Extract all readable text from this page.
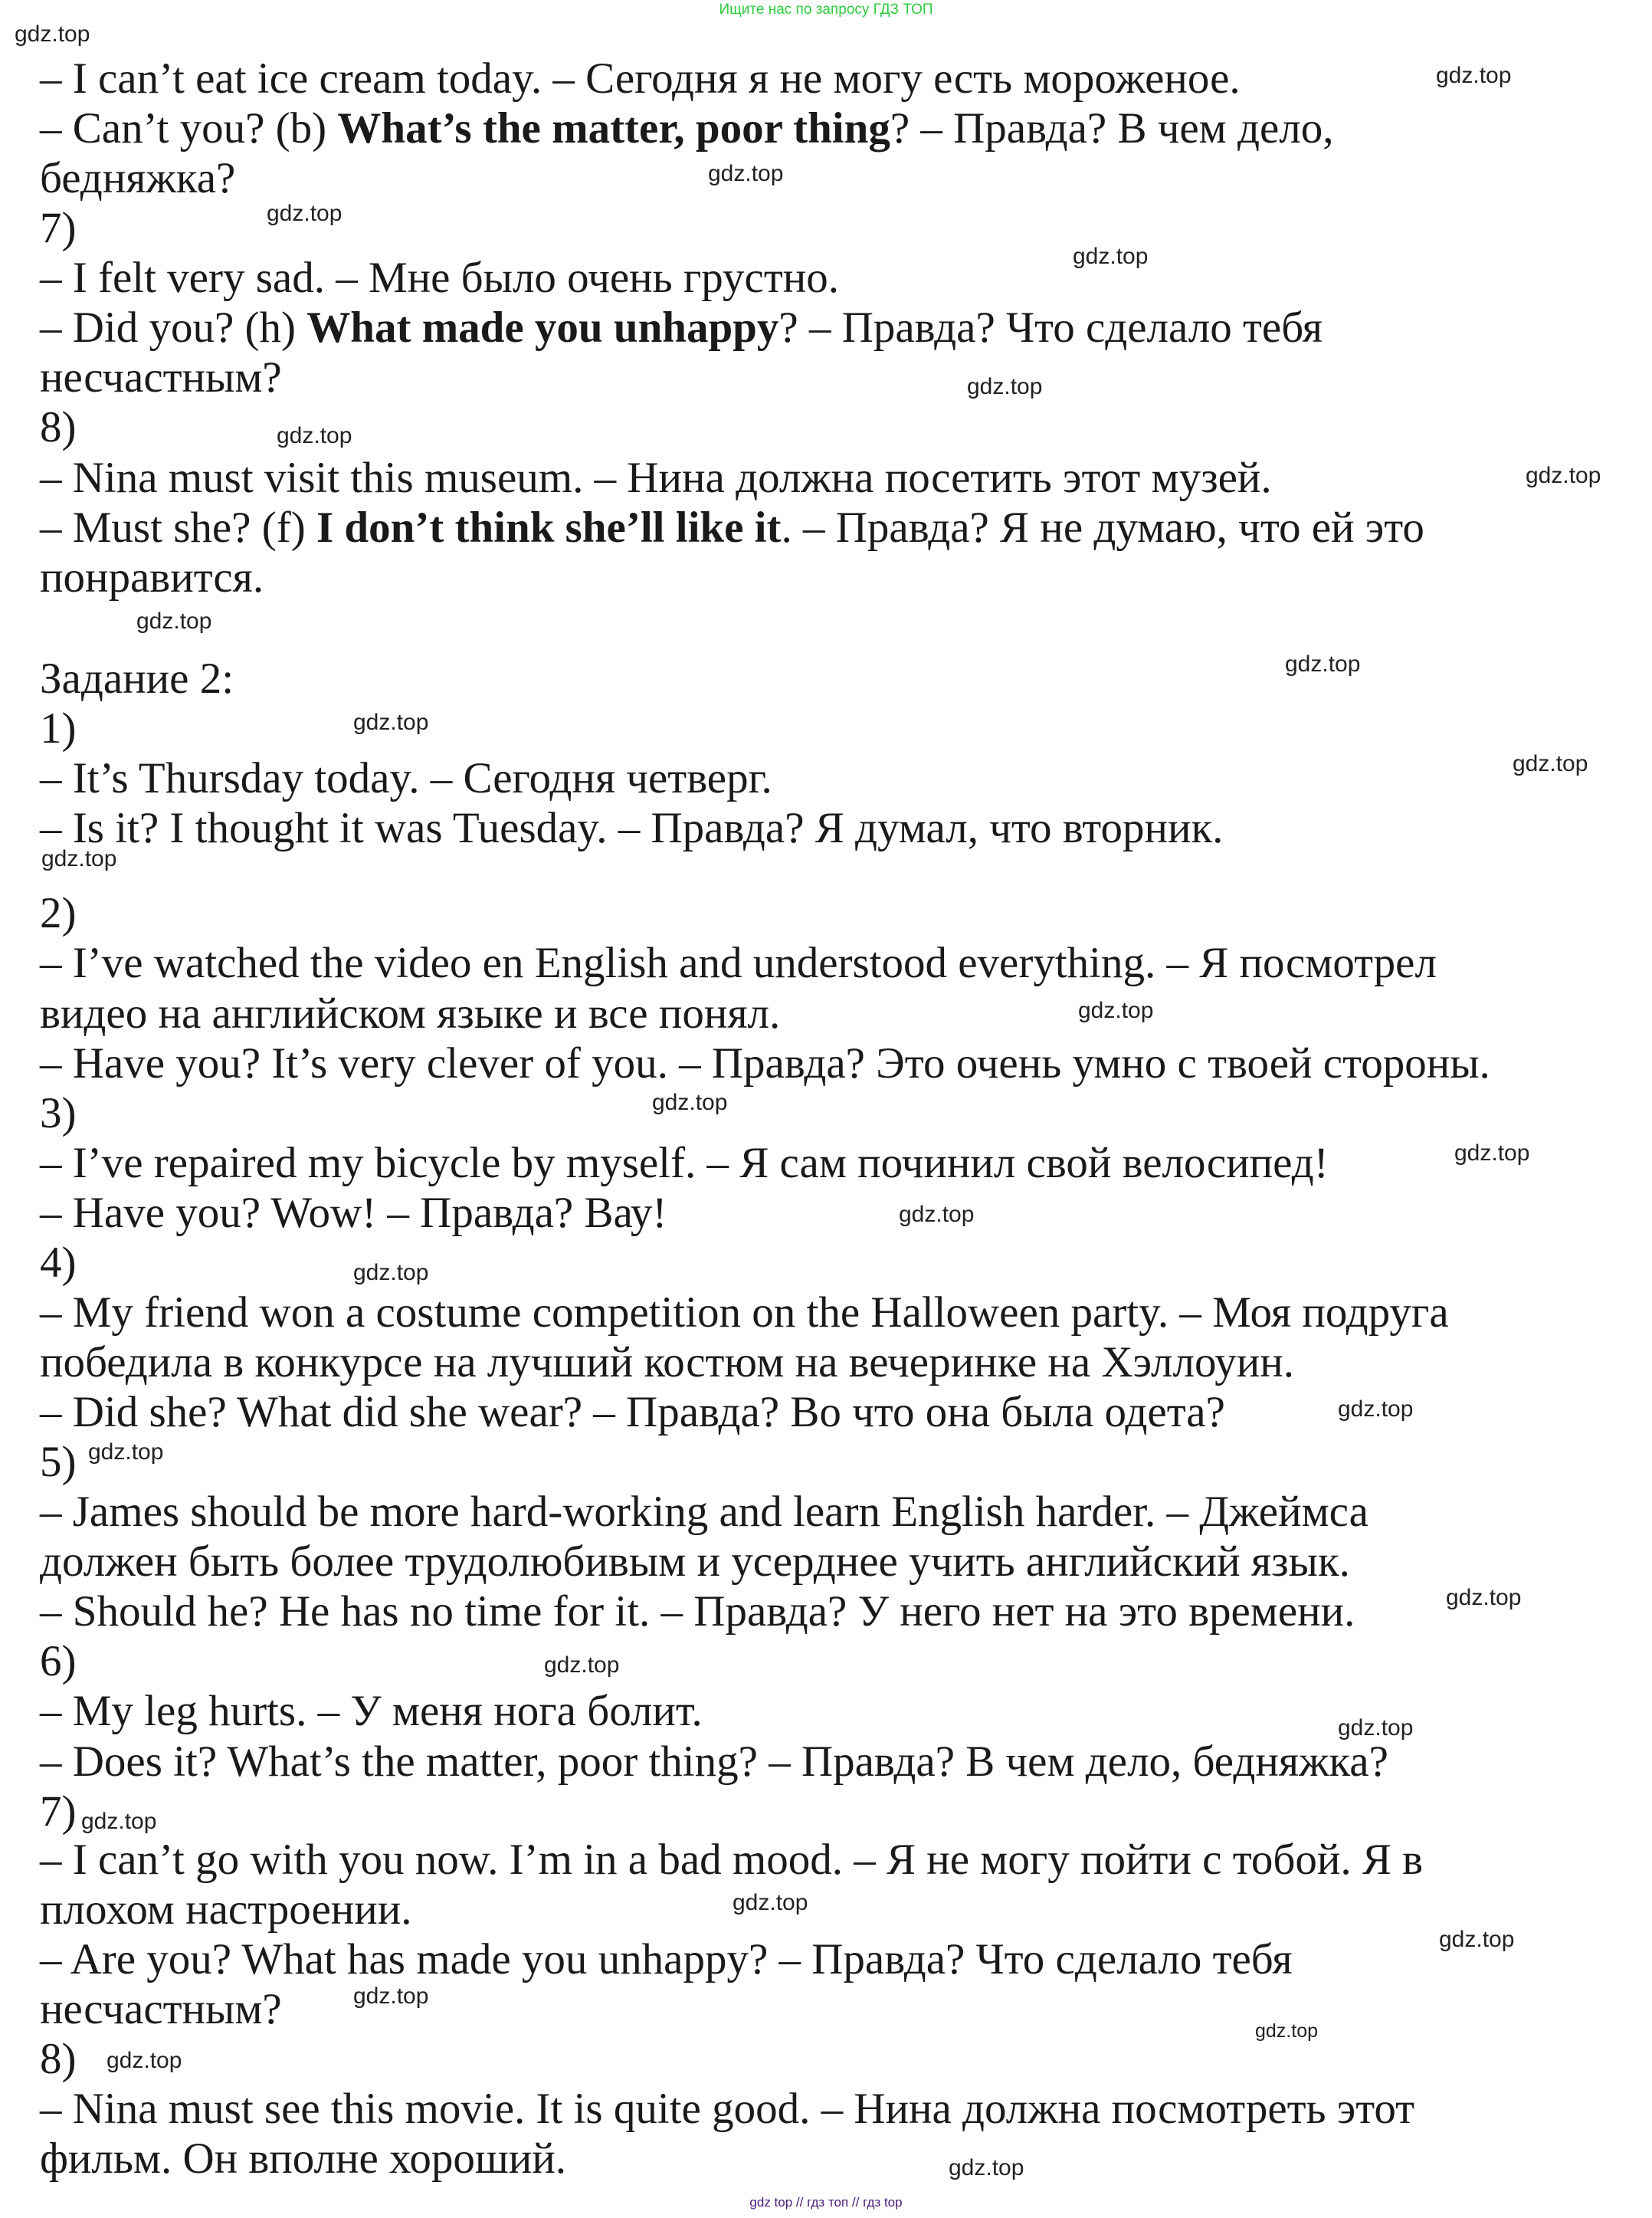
Ищите нас по запросу ГДЗ ТОП
– I can’t eat ice cream today. – Сегодня я не могу есть мороженое.
– Can’t you? (b) What’s the matter, poor thing? – Правда? В чем дело,
бедняжка?
7)
– I felt very sad. – Мне было очень грустно.
– Did you? (h) What made you unhappy? – Правда? Что сделало тебя
несчастным?
8)
– Nina must visit this museum. – Нина должна посетить этот музей.
– Must she? (f) I don’t think she’ll like it. – Правда? Я не думаю, что ей это
понравится.
Задание 2:
1)
– It’s Thursday today. – Сегодня четверг.
– Is it? I thought it was Tuesday. – Правда? Я думал, что вторник.
2)
– I’ve watched the video en English and understood everything. – Я посмотрел
видео на английском языке и все понял.
– Have you? It’s very clever of you. – Правда? Это очень умно с твоей стороны.
3)
– I’ve repaired my bicycle by myself. – Я сам починил свой велосипед!
– Have you? Wow! – Правда? Вау!
4)
– My friend won a costume competition on the Halloween party. – Моя подруга
победила в конкурсе на лучший костюм на вечеринке на Хэллоуин.
– Did she? What did she wear? – Правда? Во что она была одета?
5)
– James should be more hard-working and learn English harder. – Джеймса
должен быть более трудолюбивым и усерднее учить английский язык.
– Should he? He has no time for it. – Правда? У него нет на это времени.
6)
– My leg hurts. – У меня нога болит.
– Does it? What’s the matter, poor thing? – Правда? В чем дело, бедняжка?
7)
– I can’t go with you now. I’m in a bad mood. – Я не могу пойти с тобой. Я в
плохом настроении.
– Are you? What has made you unhappy? – Правда? Что сделало тебя
несчастным?
8)
– Nina must see this movie. It is quite good. – Нина должна посмотреть этот
фильм. Он вполне хороший.
gdz.top
gdz.top
gdz.top
gdz.top
gdz.top
gdz.top
gdz.top
gdz.top
gdz.top
gdz.top
gdz.top
gdz.top
gdz.top
gdz.top
gdz.top
gdz.top
gdz.top
gdz.top
gdz.top
gdz.top
gdz.top
gdz.top
gdz.top
gdz.top
gdz.top
gdz.top
gdz.top
gdz.top
gdz.top
gdz.top
gdz top // гдз топ // гдз top
